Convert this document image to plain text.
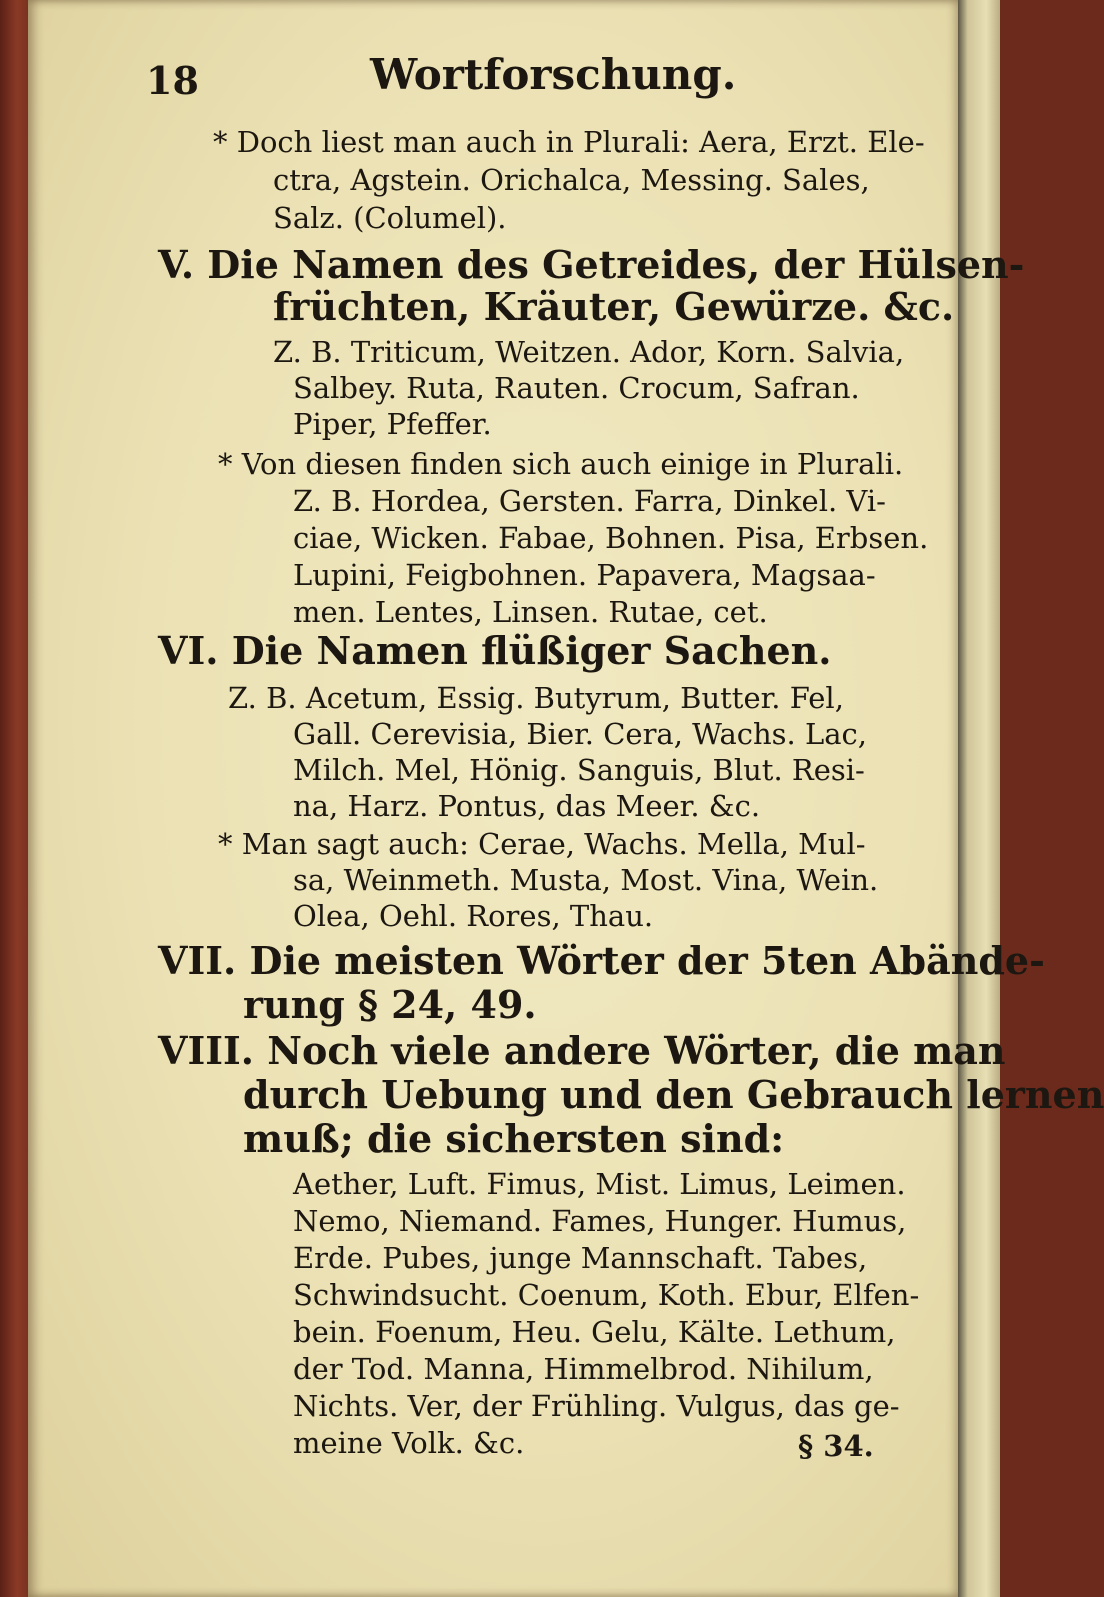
18	Wortforschung.
* Doch liest man auch in Plurali: Aera, Erzt. Ele-
ctra, Agstein. Orichalca, Messing. Sales,
Salz. (Columel).
V. Die Namen des Getreides, der Hülsen-
früchten, Kräuter, Gewürze. &c.
Z. B. Triticum, Weitzen. Ador, Korn. Salvia,
Salbey. Ruta, Rauten. Crocum, Safran.
Piper, Pfeffer.
* Von diesen finden sich auch einige in Plurali.
Z. B. Hordea, Gersten. Farra, Dinkel. Vi-
ciae, Wicken. Fabae, Bohnen. Pisa, Erbsen.
Lupini, Feigbohnen. Papavera, Magsaa-
men. Lentes, Linsen. Rutae, cet.
VI. Die Namen flüßiger Sachen.
Z. B. Acetum, Essig. Butyrum, Butter. Fel,
Gall. Cerevisia, Bier. Cera, Wachs. Lac,
Milch. Mel, Hönig. Sanguis, Blut. Resi-
na, Harz. Pontus, das Meer. &c.
* Man sagt auch: Cerae, Wachs. Mella, Mul-
sa, Weinmeth. Musta, Most. Vina, Wein.
Olea, Oehl. Rores, Thau.
VII. Die meisten Wörter der 5ten Abände-
rung § 24, 49.
VIII. Noch viele andere Wörter, die man
durch Uebung und den Gebrauch lernen
muß; die sichersten sind:
Aether, Luft. Fimus, Mist. Limus, Leimen.
Nemo, Niemand. Fames, Hunger. Humus,
Erde. Pubes, junge Mannschaft. Tabes,
Schwindsucht. Coenum, Koth. Ebur, Elfen-
bein. Foenum, Heu. Gelu, Kälte. Lethum,
der Tod. Manna, Himmelbrod. Nihilum,
Nichts. Ver, der Frühling. Vulgus, das ge-
meine Volk. &c.	§ 34.
